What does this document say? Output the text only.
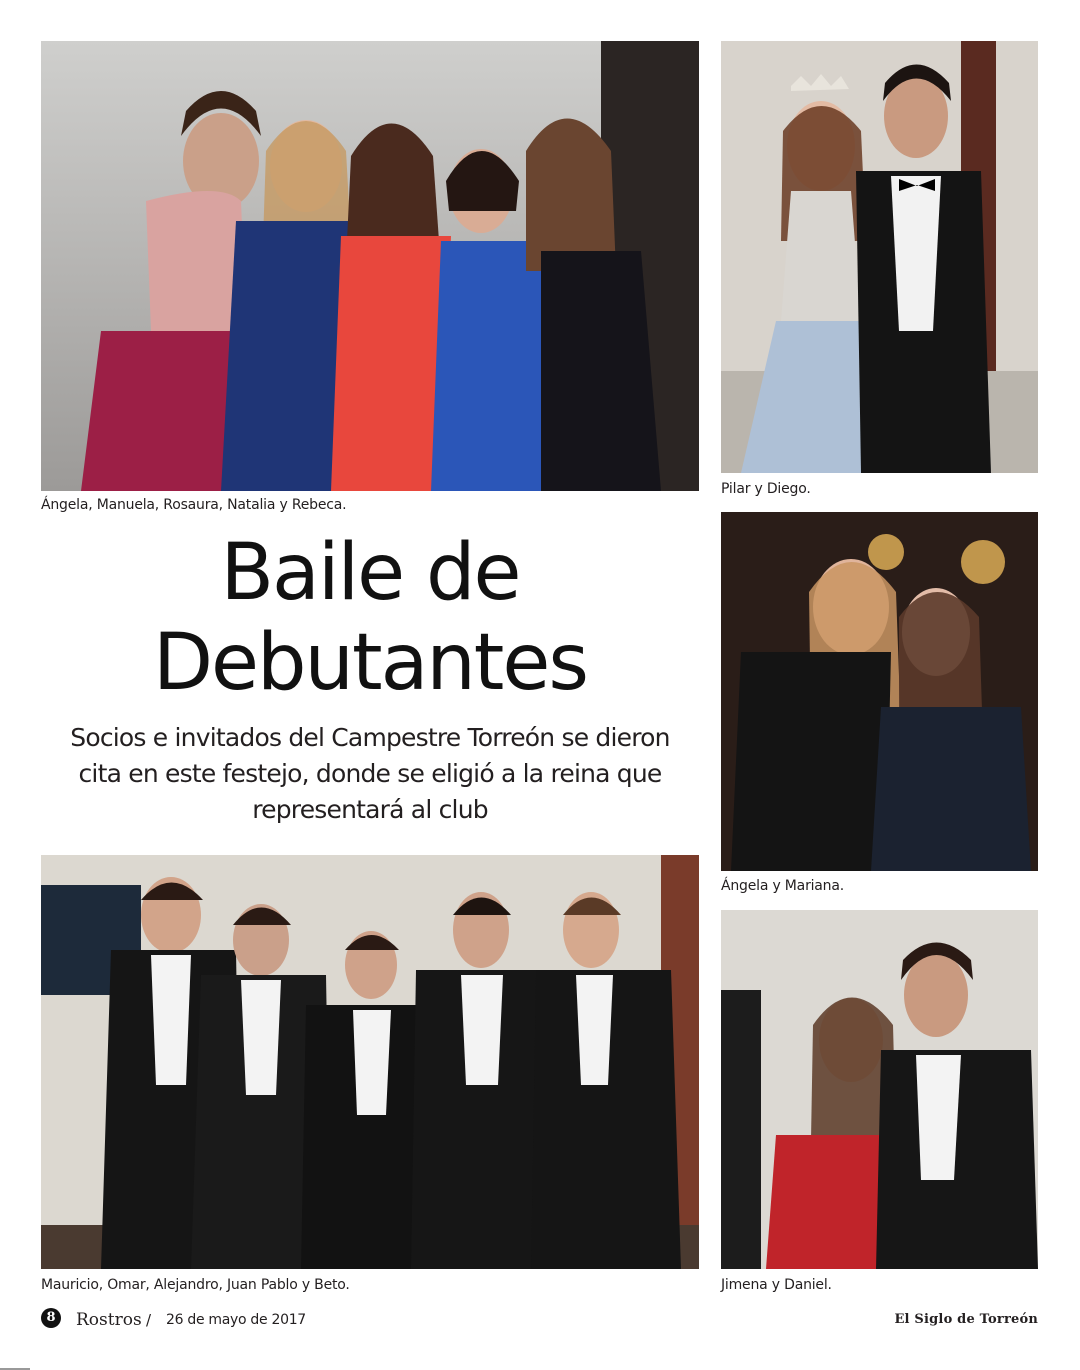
Ángela, Manuela, Rosaura, Natalia y Rebeca.
Pilar y Diego.
Baile de
Debutantes

Socios e invitados del Campestre Torreón se dieron cita en este festejo, donde se eligió a la reina que representará al club

Ángela y Mariana.
Mauricio, Omar, Alejandro, Juan Pablo y Beto.	Jimena y Daniel.
8	Rostros / 26 de mayo de 2017	El Siglo de Torreón
